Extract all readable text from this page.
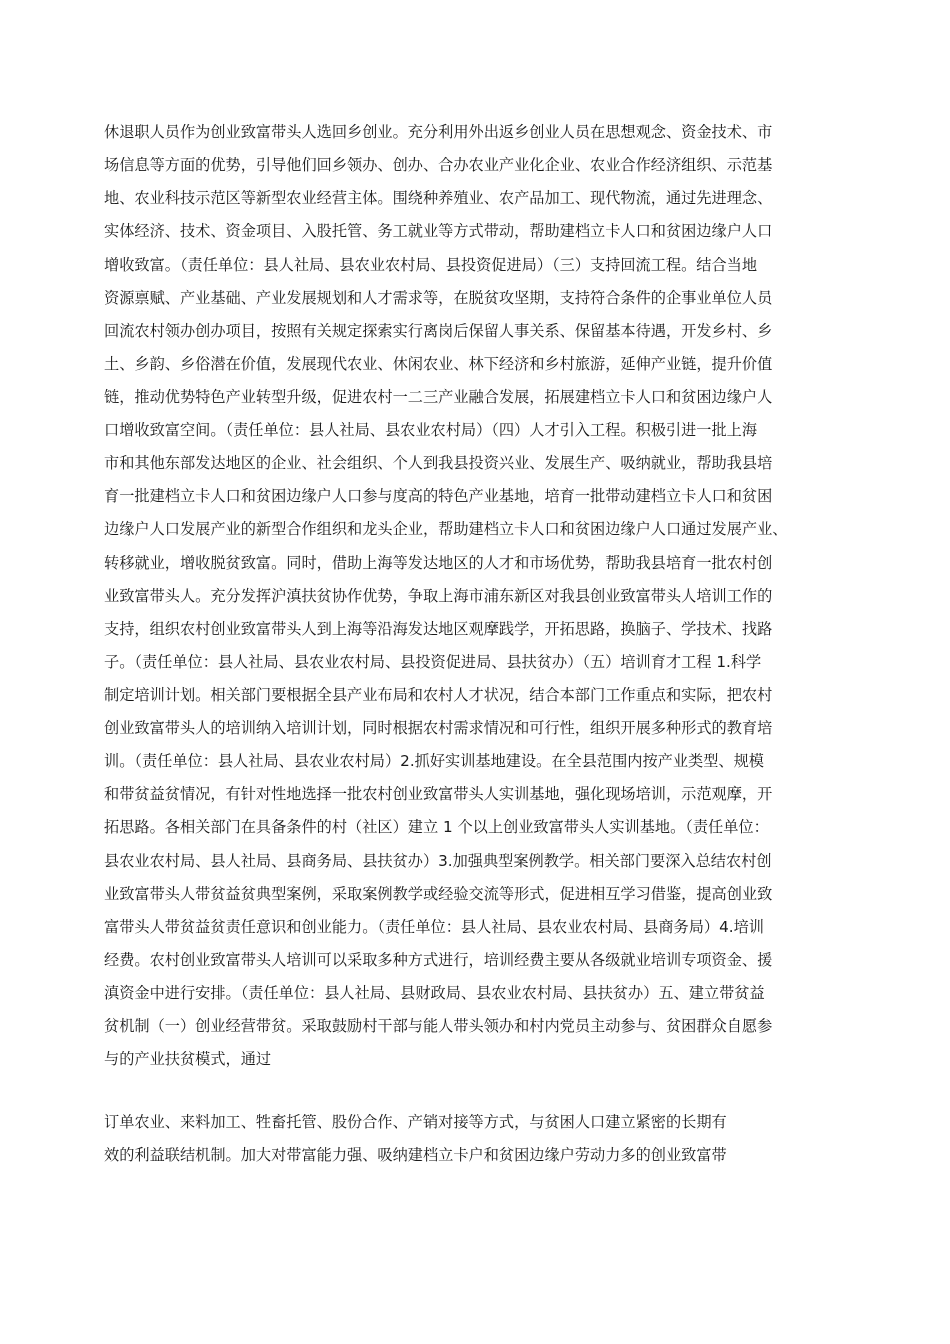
休退职人员作为创业致富带头人选回乡创业。充分利用外出返乡创业人员在思想观念、资金技术、市
场信息等方面的优势，引导他们回乡领办、创办、合办农业产业化企业、农业合作经济组织、示范基
地、农业科技示范区等新型农业经营主体。围绕种养殖业、农产品加工、现代物流，通过先进理念、
实体经济、技术、资金项目、入股托管、务工就业等方式带动，帮助建档立卡人口和贫困边缘户人口
增收致富。（责任单位：县人社局、县农业农村局、县投资促进局）（三）支持回流工程。结合当地
资源禀赋、产业基础、产业发展规划和人才需求等，在脱贫攻坚期，支持符合条件的企事业单位人员
回流农村领办创办项目，按照有关规定探索实行离岗后保留人事关系、保留基本待遇，开发乡村、乡
土、乡韵、乡俗潜在价值，发展现代农业、休闲农业、林下经济和乡村旅游，延伸产业链，提升价值
链，推动优势特色产业转型升级，促进农村一二三产业融合发展，拓展建档立卡人口和贫困边缘户人
口增收致富空间。（责任单位：县人社局、县农业农村局）（四）人才引入工程。积极引进一批上海
市和其他东部发达地区的企业、社会组织、个人到我县投资兴业、发展生产、吸纳就业，帮助我县培
育一批建档立卡人口和贫困边缘户人口参与度高的特色产业基地，培育一批带动建档立卡人口和贫困
边缘户人口发展产业的新型合作组织和龙头企业，帮助建档立卡人口和贫困边缘户人口通过发展产业、
转移就业，增收脱贫致富。同时，借助上海等发达地区的人才和市场优势，帮助我县培育一批农村创
业致富带头人。充分发挥沪滇扶贫协作优势，争取上海市浦东新区对我县创业致富带头人培训工作的
支持，组织农村创业致富带头人到上海等沿海发达地区观摩践学，开拓思路，换脑子、学技术、找路
子。（责任单位：县人社局、县农业农村局、县投资促进局、县扶贫办）（五）培训育才工程 1.科学
制定培训计划。相关部门要根据全县产业布局和农村人才状况，结合本部门工作重点和实际，把农村
创业致富带头人的培训纳入培训计划，同时根据农村需求情况和可行性，组织开展多种形式的教育培
训。（责任单位：县人社局、县农业农村局）2.抓好实训基地建设。在全县范围内按产业类型、规模
和带贫益贫情况，有针对性地选择一批农村创业致富带头人实训基地，强化现场培训，示范观摩，开
拓思路。各相关部门在具备条件的村（社区）建立 1 个以上创业致富带头人实训基地。（责任单位：
县农业农村局、县人社局、县商务局、县扶贫办）3.加强典型案例教学。相关部门要深入总结农村创
业致富带头人带贫益贫典型案例，采取案例教学或经验交流等形式，促进相互学习借鉴，提高创业致
富带头人带贫益贫责任意识和创业能力。（责任单位：县人社局、县农业农村局、县商务局）4.培训
经费。农村创业致富带头人培训可以采取多种方式进行，培训经费主要从各级就业培训专项资金、援
滇资金中进行安排。（责任单位：县人社局、县财政局、县农业农村局、县扶贫办）五、建立带贫益
贫机制（一）创业经营带贫。采取鼓励村干部与能人带头领办和村内党员主动参与、贫困群众自愿参
与的产业扶贫模式，通过
订单农业、来料加工、牲畜托管、股份合作、产销对接等方式，与贫困人口建立紧密的长期有
效的利益联结机制。加大对带富能力强、吸纳建档立卡户和贫困边缘户劳动力多的创业致富带
